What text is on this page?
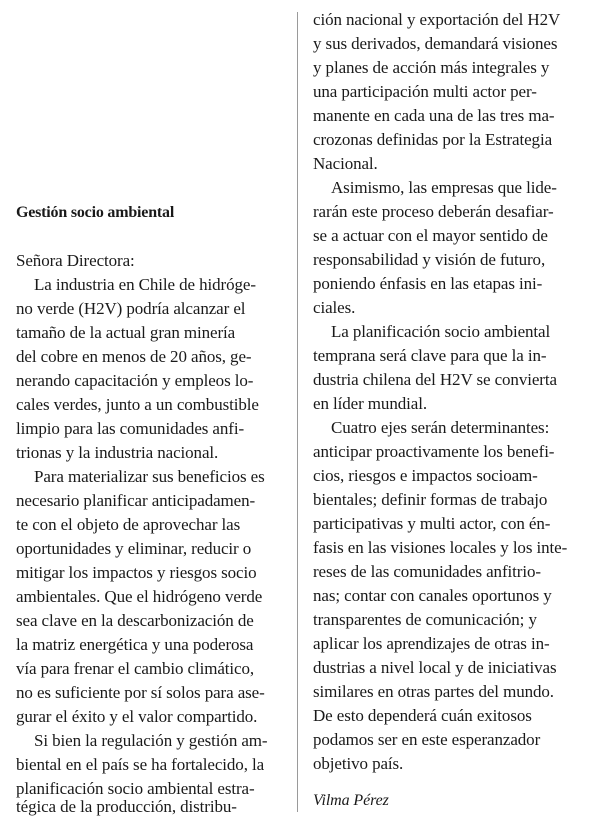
Gestión socio ambiental
Señora Directora:
La industria en Chile de hidróge-
no verde (H2V) podría alcanzar el
tamaño de la actual gran minería
del cobre en menos de 20 años, ge-
nerando capacitación y empleos lo-
cales verdes, junto a un combustible
limpio para las comunidades anfi-
trionas y la industria nacional.
Para materializar sus beneficios es
necesario planificar anticipadamen-
te con el objeto de aprovechar las
oportunidades y eliminar, reducir o
mitigar los impactos y riesgos socio
ambientales. Que el hidrógeno verde
sea clave en la descarbonización de
la matriz energética y una poderosa
vía para frenar el cambio climático,
no es suficiente por sí solos para ase-
gurar el éxito y el valor compartido.
Si bien la regulación y gestión am-
biental en el país se ha fortalecido, la
planificación socio ambiental estra-
tégica de la producción, distribu-
ción nacional y exportación del H2V
y sus derivados, demandará visiones
y planes de acción más integrales y
una participación multi actor per-
manente en cada una de las tres ma-
crozonas definidas por la Estrategia
Nacional.
Asimismo, las empresas que lide-
rarán este proceso deberán desafiar-
se a actuar con el mayor sentido de
responsabilidad y visión de futuro,
poniendo énfasis en las etapas ini-
ciales.
La planificación socio ambiental
temprana será clave para que la in-
dustria chilena del H2V se convierta
en líder mundial.
Cuatro ejes serán determinantes:
anticipar proactivamente los benefi-
cios, riesgos e impactos socioam-
bientales; definir formas de trabajo
participativas y multi actor, con én-
fasis en las visiones locales y los inte-
reses de las comunidades anfitrio-
nas; contar con canales oportunos y
transparentes de comunicación; y
aplicar los aprendizajes de otras in-
dustrias a nivel local y de iniciativas
similares en otras partes del mundo.
De esto dependerá cuán exitosos
podamos ser en este esperanzador
objetivo país.
Vilma Pérez
